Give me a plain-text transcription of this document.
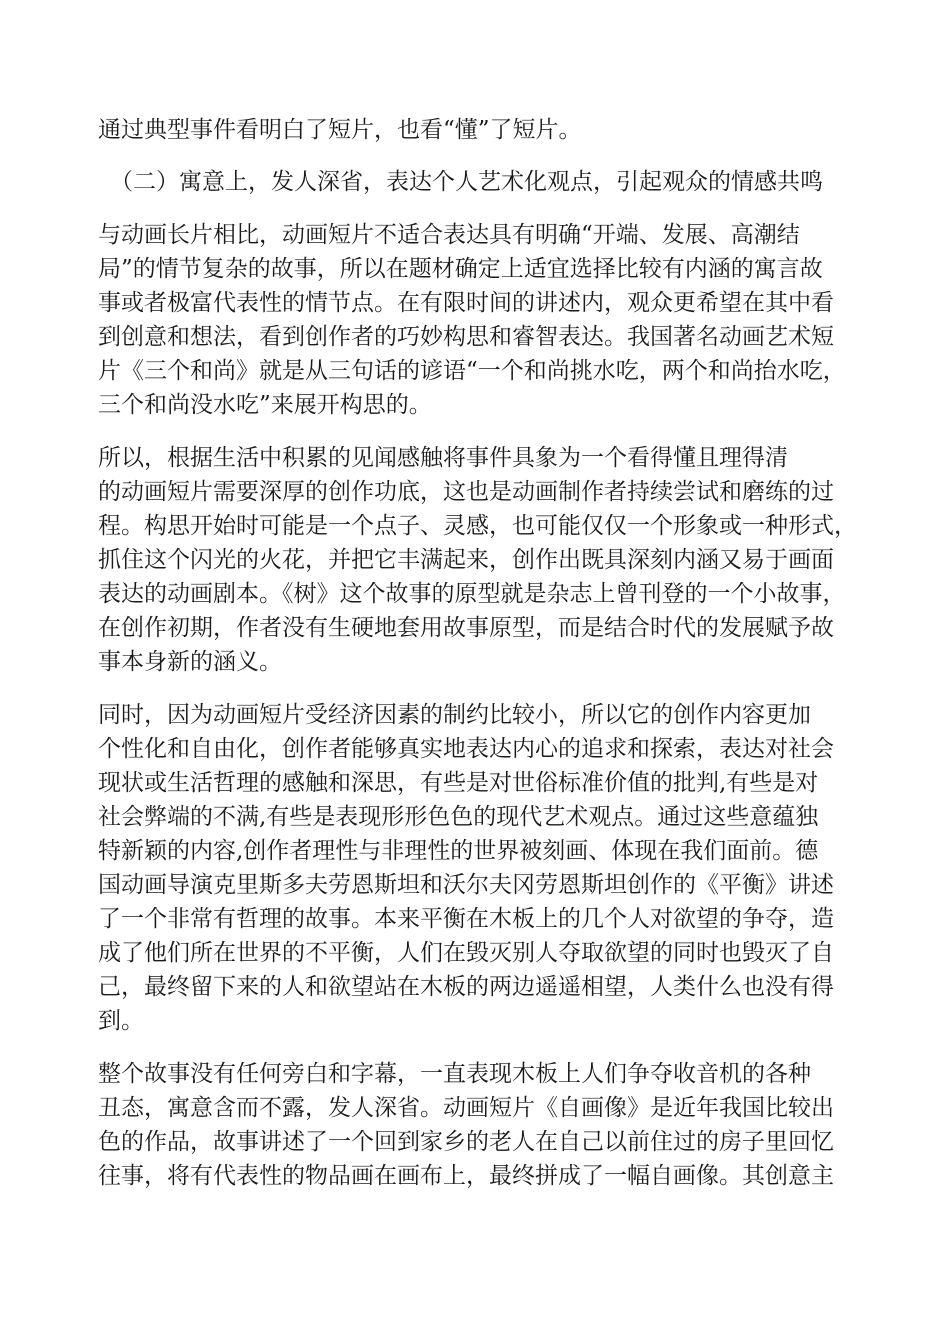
通过典型事件看明白了短片，也看“懂”了短片。
（二）寓意上，发人深省，表达个人艺术化观点，引起观众的情感共鸣
与动画长片相比，动画短片不适合表达具有明确“开端、发展、高潮结
局”的情节复杂的故事，所以在题材确定上适宜选择比较有内涵的寓言故
事或者极富代表性的情节点。在有限时间的讲述内，观众更希望在其中看
到创意和想法，看到创作者的巧妙构思和睿智表达。我国著名动画艺术短
片《三个和尚》就是从三句话的谚语“一个和尚挑水吃，两个和尚抬水吃，
三个和尚没水吃”来展开构思的。
所以，根据生活中积累的见闻感触将事件具象为一个看得懂且理得清
的动画短片需要深厚的创作功底，这也是动画制作者持续尝试和磨练的过
程。构思开始时可能是一个点子、灵感，也可能仅仅一个形象或一种形式，
抓住这个闪光的火花，并把它丰满起来，创作出既具深刻内涵又易于画面
表达的动画剧本。《树》这个故事的原型就是杂志上曾刊登的一个小故事，
在创作初期，作者没有生硬地套用故事原型，而是结合时代的发展赋予故
事本身新的涵义。
同时，因为动画短片受经济因素的制约比较小，所以它的创作内容更加
个性化和自由化，创作者能够真实地表达内心的追求和探索，表达对社会
现状或生活哲理的感触和深思，有些是对世俗标准价值的批判,有些是对
社会弊端的不满,有些是表现形形色色的现代艺术观点。通过这些意蕴独
特新颖的内容,创作者理性与非理性的世界被刻画、体现在我们面前。德
国动画导演克里斯多夫劳恩斯坦和沃尔夫冈劳恩斯坦创作的《平衡》讲述
了一个非常有哲理的故事。本来平衡在木板上的几个人对欲望的争夺，造
成了他们所在世界的不平衡，人们在毁灭别人夺取欲望的同时也毁灭了自
己，最终留下来的人和欲望站在木板的两边遥遥相望，人类什么也没有得
到。
整个故事没有任何旁白和字幕，一直表现木板上人们争夺收音机的各种
丑态，寓意含而不露，发人深省。动画短片《自画像》是近年我国比较出
色的作品，故事讲述了一个回到家乡的老人在自己以前住过的房子里回忆
往事，将有代表性的物品画在画布上，最终拼成了一幅自画像。其创意主
